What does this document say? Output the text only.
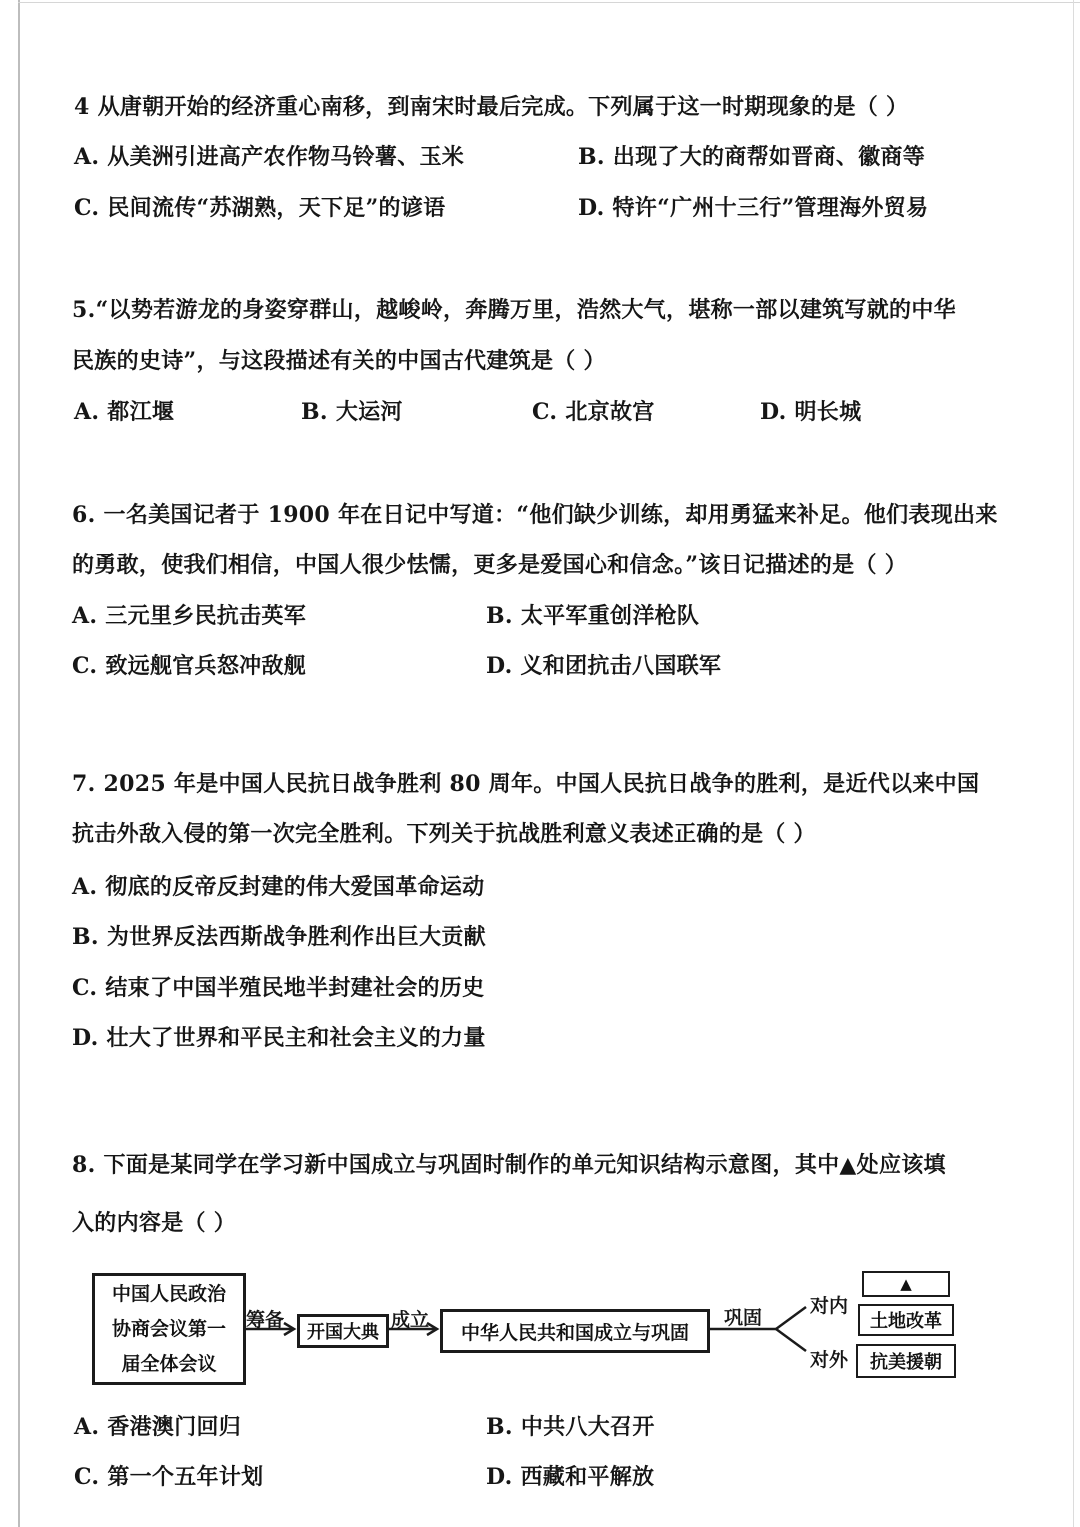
4 从唐朝开始的经济重心南移，到南宋时最后完成。下列属于这一时期现象的是（ ）
A. 从美洲引进高产农作物马铃薯、玉米	B. 出现了大的商帮如晋商、徽商等
C. 民间流传“苏湖熟，天下足”的谚语	D. 特许“广州十三行”管理海外贸易
5.“以势若游龙的身姿穿群山，越峻岭，奔腾万里，浩然大气，堪称一部以建筑写就的中华
民族的史诗”，与这段描述有关的中国古代建筑是（ ）
A. 都江堰	B. 大运河	C. 北京故宫	D. 明长城
6. 一名美国记者于 1900 年在日记中写道：“他们缺少训练，却用勇猛来补足。他们表现出来
的勇敢，使我们相信，中国人很少怯懦，更多是爱国心和信念。”该日记描述的是（ ）
A. 三元里乡民抗击英军	B. 太平军重创洋枪队
C. 致远舰官兵怒冲敌舰	D. 义和团抗击八国联军
7. 2025 年是中国人民抗日战争胜利 80 周年。中国人民抗日战争的胜利，是近代以来中国
抗击外敌入侵的第一次完全胜利。下列关于抗战胜利意义表述正确的是（ ）
A. 彻底的反帝反封建的伟大爱国革命运动
B. 为世界反法西斯战争胜利作出巨大贡献
C. 结束了中国半殖民地半封建社会的历史
D. 壮大了世界和平民主和社会主义的力量
8. 下面是某同学在学习新中国成立与巩固时制作的单元知识结构示意图，其中▲处应该填
入的内容是（ ）
中国人民政治
协商会议第一
届全体会议
筹备
开国大典
成立
中华人民共和国成立与巩固
巩固
对内
对外
▲
土地改革
抗美援朝
A. 香港澳门回归	B. 中共八大召开
C. 第一个五年计划	D. 西藏和平解放
